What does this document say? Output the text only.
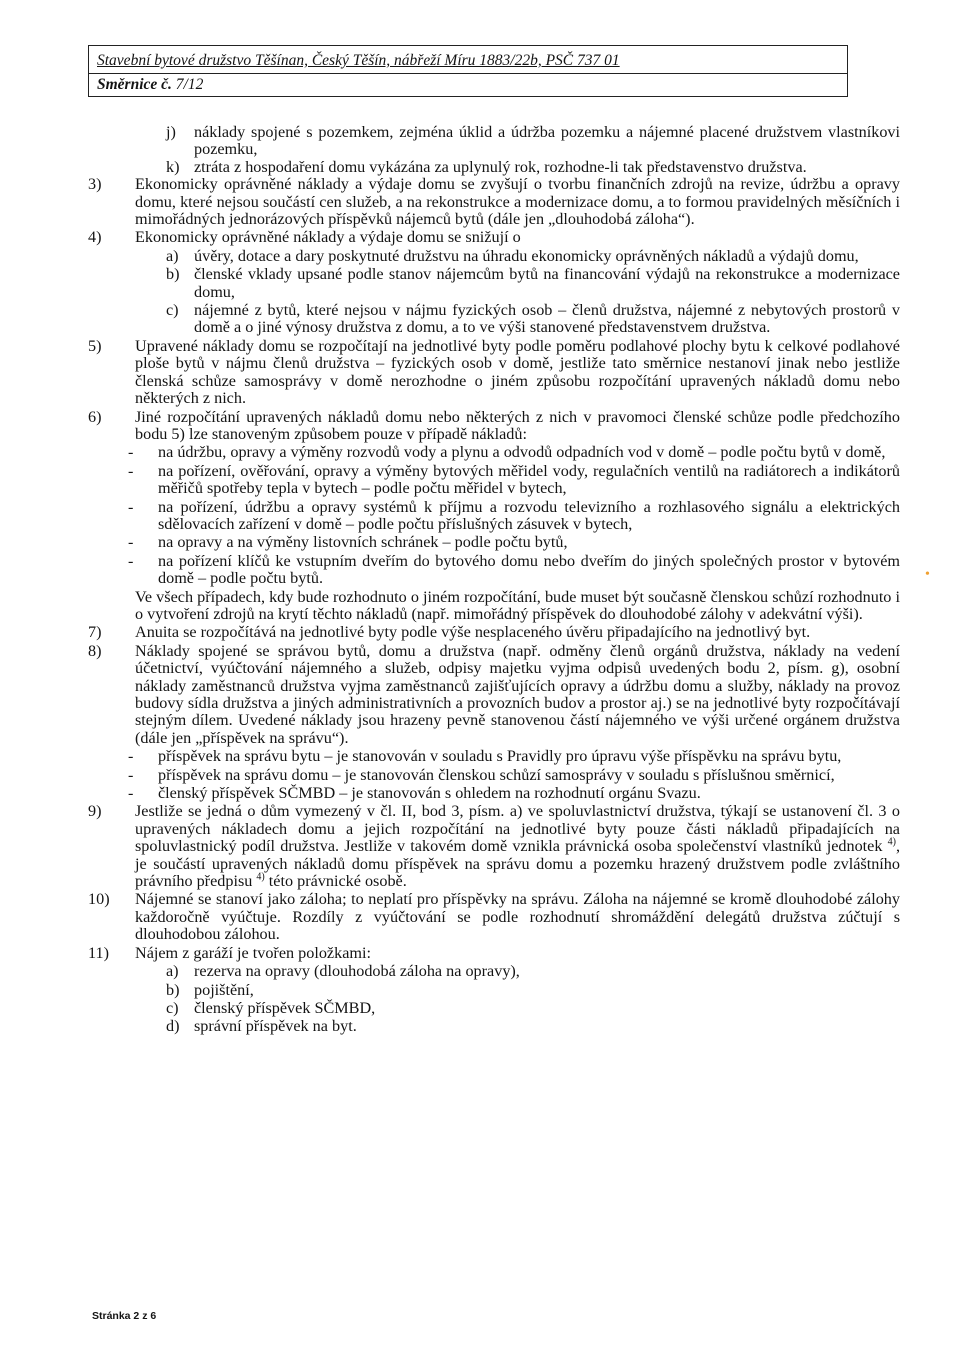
Stavební bytové družstvo Těšínan, Český Těšín, nábřeží Míru 1883/22b, PSČ 737 01
Směrnice č. 7/12
j) náklady spojené s pozemkem, zejména úklid a údržba pozemku a nájemné placené družstvem vlastníkovi pozemku,
k) ztráta z hospodaření domu vykázána za uplynulý rok, rozhodne-li tak představenstvo družstva.
3) Ekonomicky oprávněné náklady a výdaje domu se zvyšují o tvorbu finančních zdrojů na revize, údržbu a opravy domu, které nejsou součástí cen služeb, a na rekonstrukce a modernizace domu, a to formou pravidelných měsíčních i mimořádných jednorázových příspěvků nájemců bytů (dále jen „dlouhodobá záloha“).
4) Ekonomicky oprávněné náklady a výdaje domu se snižují o
a) úvěry, dotace a dary poskytnuté družstvu na úhradu ekonomicky oprávněných nákladů a výdajů domu,
b) členské vklady upsané podle stanov nájemcům bytů na financování výdajů na rekonstrukce a modernizace domu,
c) nájemné z bytů, které nejsou v nájmu fyzických osob – členů družstva, nájemné z nebytových prostorů v domě a o jiné výnosy družstva z domu, a to ve výši stanovené představenstvem družstva.
5) Upravené náklady domu se rozpočítají na jednotlivé byty podle poměru podlahové plochy bytu k celkové podlahové ploše bytů v nájmu členů družstva – fyzických osob v domě, jestliže tato směrnice nestanoví jinak nebo jestliže členská schůze samosprávy v domě nerozhodne o jiném způsobu rozpočítání upravených nákladů domu nebo některých z nich.
6) Jiné rozpočítání upravených nákladů domu nebo některých z nich v pravomoci členské schůze podle předchozího bodu 5) lze stanoveným způsobem pouze v případě nákladů:
- na údržbu, opravy a výměny rozvodů vody a plynu a odvodů odpadních vod v domě – podle počtu bytů v domě,
- na pořízení, ověřování, opravy a výměny bytových měřidel vody, regulačních ventilů na radiátorech a indikátorů měřičů spotřeby tepla v bytech – podle počtu měřidel v bytech,
- na pořízení, údržbu a opravy systémů k příjmu a rozvodu televizního a rozhlasového signálu a elektrických sdělovacích zařízení v domě – podle počtu příslušných zásuvek v bytech,
- na opravy a na výměny listovních schránek – podle počtu bytů,
- na pořízení klíčů ke vstupním dveřím do bytového domu nebo dveřím do jiných společných prostor v bytovém domě – podle počtu bytů.
Ve všech případech, kdy bude rozhodnuto o jiném rozpočítání, bude muset být současně členskou schůzí rozhodnuto i o vytvoření zdrojů na krytí těchto nákladů (např. mimořádný příspěvek do dlouhodobé zálohy v adekvátní výši).
7) Anuita se rozpočítává na jednotlivé byty podle výše nesplaceného úvěru připadajícího na jednotlivý byt.
8) Náklady spojené se správou bytů, domu a družstva (např. odměny členů orgánů družstva, náklady na vedení účetnictví, vyúčtování nájemného a služeb, odpisy majetku vyjma odpisů uvedených bodu 2, písm. g), osobní náklady zaměstnanců družstva vyjma zaměstnanců zajišťujících opravy a údržbu domu a služby, náklady na provoz budovy sídla družstva a jiných administrativních a provozních budov a prostor aj.) se na jednotlivé byty rozpočítávají stejným dílem. Uvedené náklady jsou hrazeny pevně stanovenou částí nájemného ve výši určené orgánem družstva (dále jen „příspěvek na správu“).
- příspěvek na správu bytu – je stanovován v souladu s Pravidly pro úpravu výše příspěvku na správu bytu,
- příspěvek na správu domu – je stanovován členskou schůzí samosprávy v souladu s příslušnou směrnicí,
- členský příspěvek SČMBD – je stanovován s ohledem na rozhodnutí orgánu Svazu.
9) Jestliže se jedná o dům vymezený v čl. II, bod 3, písm. a) ve spoluvlastnictví družstva, týkají se ustanovení čl. 3 o upravených nákladech domu a jejich rozpočítání na jednotlivé byty pouze části nákladů připadajících na spoluvlastnický podíl družstva. Jestliže v takovém domě vznikla právnická osoba společenství vlastníků jednotek $^{4)}$, je součástí upravených nákladů domu příspěvek na správu domu a pozemku hrazený družstvem podle zvláštního právního předpisu $^{4)}$ této právnické osobě.
10) Nájemné se stanoví jako záloha; to neplatí pro příspěvky na správu. Záloha na nájemné se kromě dlouhodobé zálohy každoročně vyúčtuje. Rozdíly z vyúčtování se podle rozhodnutí shromáždění delegátů družstva zúčtují s dlouhodobou zálohou.
11) Nájem z garáží je tvořen položkami:
a) rezerva na opravy (dlouhodobá záloha na opravy),
b) pojištění,
c) členský příspěvek SČMBD,
d) správní příspěvek na byt.
•
Stránka 2 z 6
